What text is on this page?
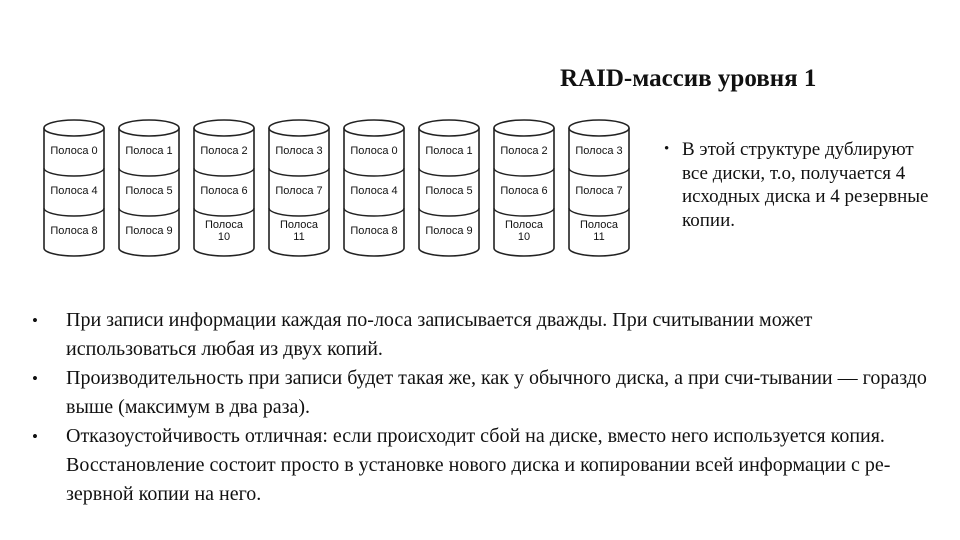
RAID-массив уровня 1
Полоса 0
Полоса 4
Полоса 8
Полоса 1
Полоса 5
Полоса 9
Полоса 2
Полоса 6
Полоса 10
Полоса 3
Полоса 7
Полоса 11
Полоса 0
Полоса 4
Полоса 8
Полоса 1
Полоса 5
Полоса 9
Полоса 2
Полоса 6
Полоса 10
Полоса 3
Полоса 7
Полоса 11
• В этой структуре дублируют все диски, т.о, получается 4 исходных диска и 4 резервные копии.
• При записи информации каждая по-лоса записывается дважды. При считывании может использоваться любая из двух копий.
• Производительность при записи будет такая же, как у обычного диска, а при счи-тывании — гораздо выше (максимум в два раза).
• Отказоустойчивость отличная: если происходит сбой на диске, вместо него используется копия. Восстановление состоит просто в установке нового диска и копировании всей информации с ре-зервной копии на него.
